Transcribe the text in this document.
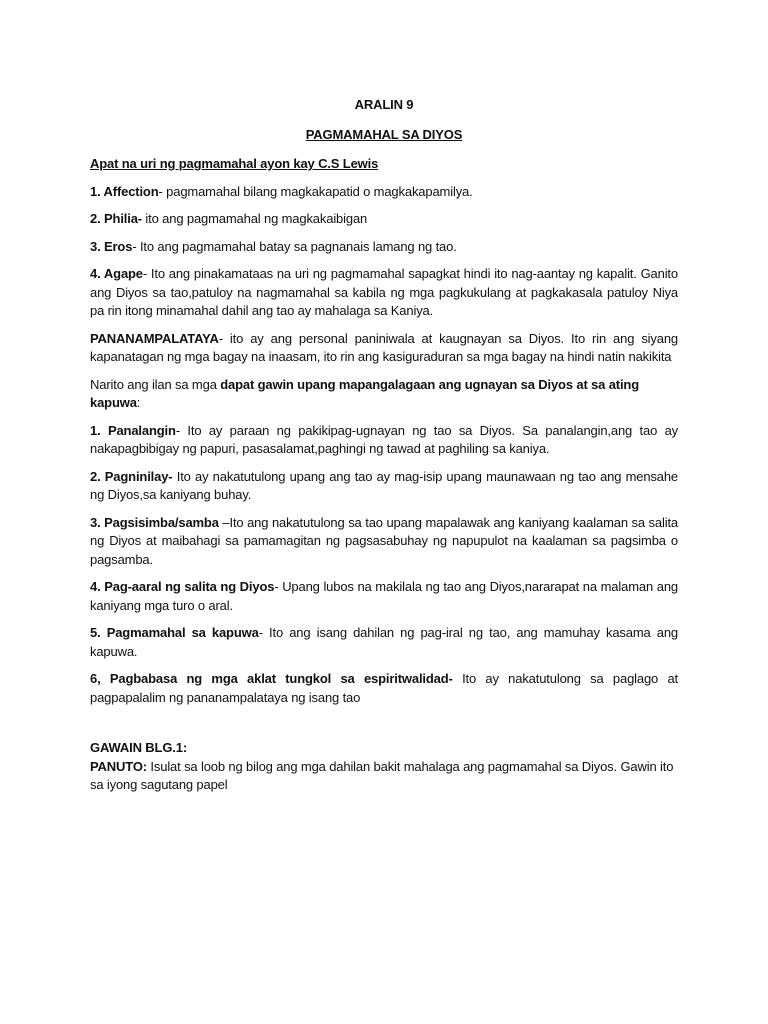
ARALIN 9

PAGMAMAHAL SA DIYOS

Apat na uri ng pagmamahal ayon kay C.S Lewis

1. Affection- pagmamahal bilang magkakapatid o magkakapamilya.

2. Philia- ito ang pagmamahal ng magkakaibigan

3. Eros- Ito ang pagmamahal batay sa pagnanais lamang ng tao.

4. Agape- Ito ang pinakamataas na uri ng pagmamahal sapagkat hindi ito nag-aantay ng kapalit. Ganito ang Diyos sa tao,patuloy na nagmamahal sa kabila ng mga pagkukulang at pagkakasala patuloy Niya pa rin itong minamahal dahil ang tao ay mahalaga sa Kaniya.

PANANAMPALATAYA- ito ay ang personal paniniwala at kaugnayan sa Diyos. Ito rin ang siyang kapanatagan ng mga bagay na inaasam, ito rin ang kasiguraduran sa mga bagay na hindi natin nakikita

Narito ang ilan sa mga dapat gawin upang mapangalagaan ang ugnayan sa Diyos at sa ating kapuwa:

1. Panalangin- Ito ay paraan ng pakikipag-ugnayan ng tao sa Diyos. Sa panalangin,ang tao ay nakapagbibigay ng papuri, pasasalamat,paghingi ng tawad at paghiling sa kaniya.

2. Pagninilay- Ito ay nakatutulong upang ang tao ay mag-isip upang maunawaan ng tao ang mensahe ng Diyos,sa kaniyang buhay.

3. Pagsisimba/samba –Ito ang nakatutulong sa tao upang mapalawak ang kaniyang kaalaman sa salita ng Diyos at maibahagi sa pamamagitan ng pagsasabuhay ng napupulot na kaalaman sa pagsimba o pagsamba.

4. Pag-aaral ng salita ng Diyos- Upang lubos na makilala ng tao ang Diyos,nararapat na malaman ang kaniyang mga turo o aral.

5. Pagmamahal sa kapuwa- Ito ang isang dahilan ng pag-iral ng tao, ang mamuhay kasama ang kapuwa.

6, Pagbabasa ng mga aklat tungkol sa espiritwalidad- Ito ay nakatutulong sa paglago at pagpapalalim ng pananampalataya ng isang tao

GAWAIN BLG.1:

PANUTO: Isulat sa loob ng bilog ang mga dahilan bakit mahalaga ang pagmamahal sa Diyos. Gawin ito sa iyong sagutang papel
